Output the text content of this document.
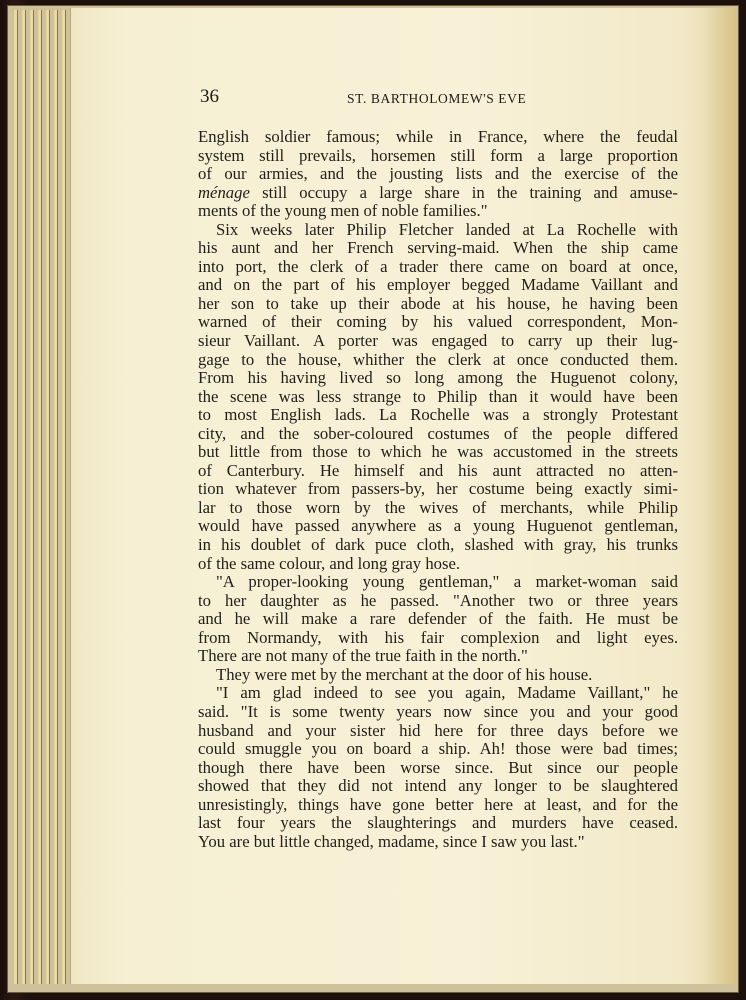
36	ST. BARTHOLOMEW'S EVE
English soldier famous; while in France, where the feudal
system still prevails, horsemen still form a large proportion
of our armies, and the jousting lists and the exercise of the
ménage still occupy a large share in the training and amuse-
ments of the young men of noble families."
Six weeks later Philip Fletcher landed at La Rochelle with
his aunt and her French serving-maid. When the ship came
into port, the clerk of a trader there came on board at once,
and on the part of his employer begged Madame Vaillant and
her son to take up their abode at his house, he having been
warned of their coming by his valued correspondent, Mon-
sieur Vaillant. A porter was engaged to carry up their lug-
gage to the house, whither the clerk at once conducted them.
From his having lived so long among the Huguenot colony,
the scene was less strange to Philip than it would have been
to most English lads. La Rochelle was a strongly Protestant
city, and the sober-coloured costumes of the people differed
but little from those to which he was accustomed in the streets
of Canterbury. He himself and his aunt attracted no atten-
tion whatever from passers-by, her costume being exactly simi-
lar to those worn by the wives of merchants, while Philip
would have passed anywhere as a young Huguenot gentleman,
in his doublet of dark puce cloth, slashed with gray, his trunks
of the same colour, and long gray hose.
"A proper-looking young gentleman," a market-woman said
to her daughter as he passed. "Another two or three years
and he will make a rare defender of the faith. He must be
from Normandy, with his fair complexion and light eyes.
There are not many of the true faith in the north."
They were met by the merchant at the door of his house.
"I am glad indeed to see you again, Madame Vaillant," he
said. "It is some twenty years now since you and your good
husband and your sister hid here for three days before we
could smuggle you on board a ship. Ah! those were bad times;
though there have been worse since. But since our people
showed that they did not intend any longer to be slaughtered
unresistingly, things have gone better here at least, and for the
last four years the slaughterings and murders have ceased.
You are but little changed, madame, since I saw you last."
